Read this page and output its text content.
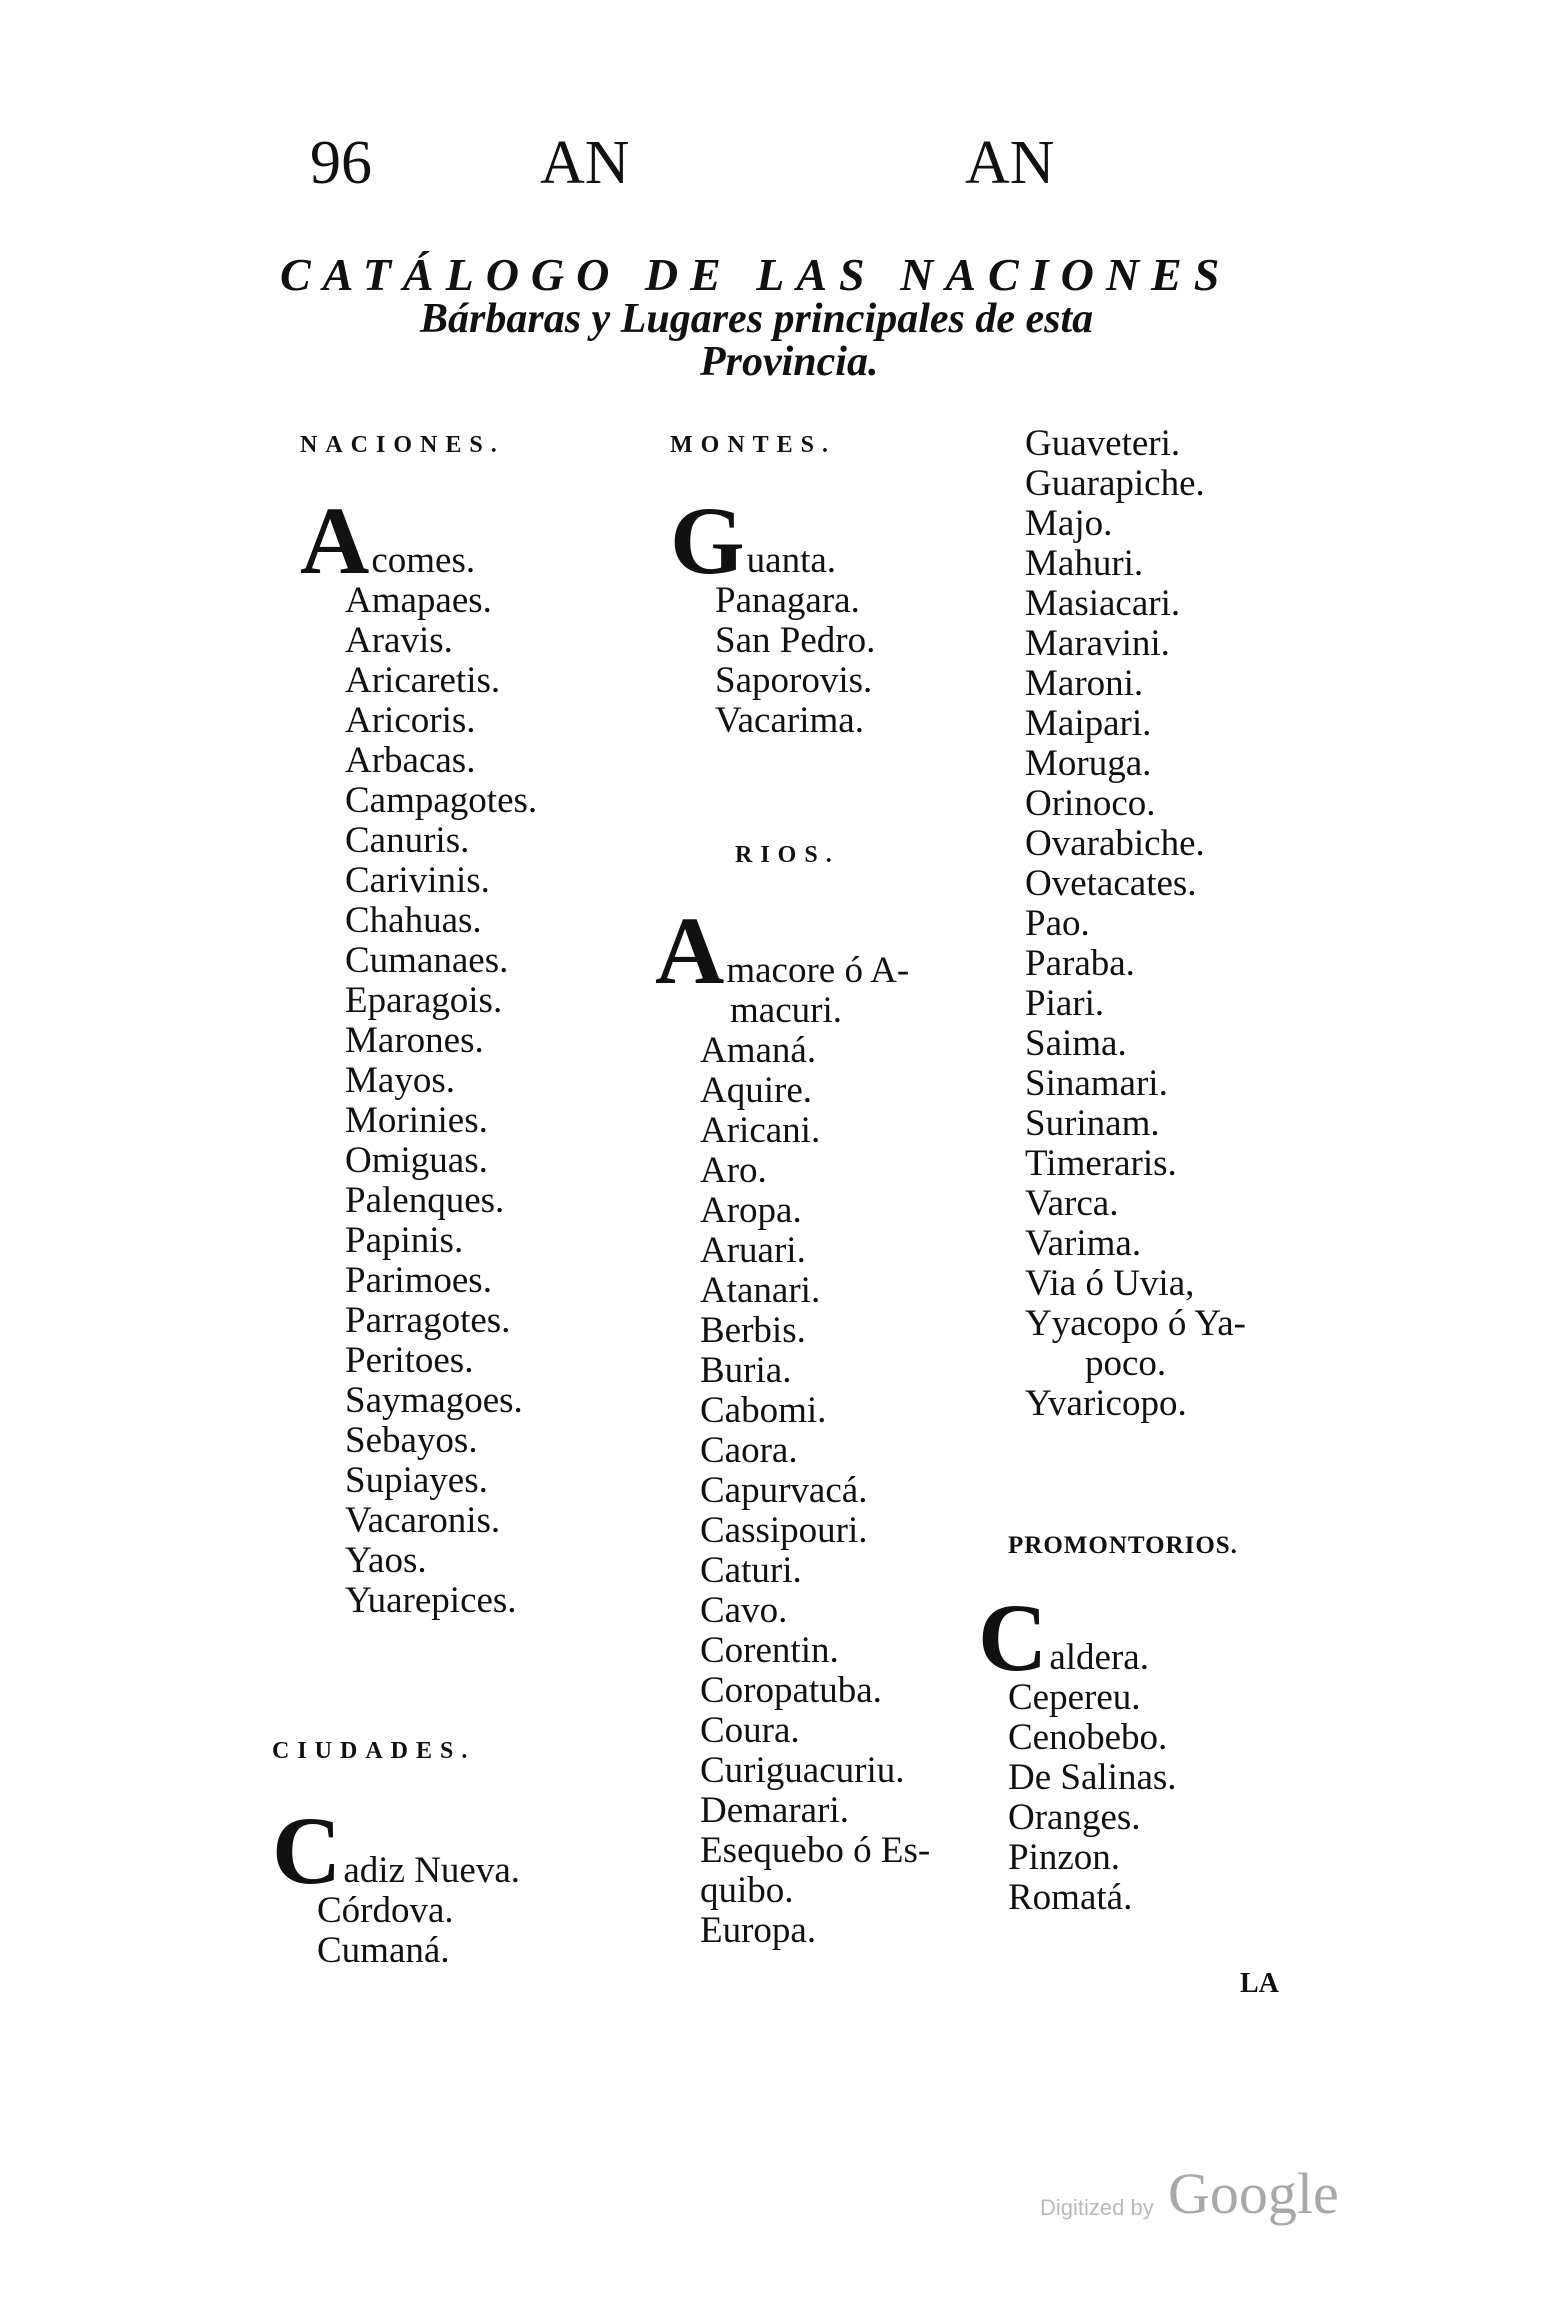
96	AN	AN
CATÁLOGO DE LAS NACIONES
Bárbaras y Lugares principales de esta
Provincia.
NACIONES.
A comes.
Amapaes.
Aravis.
Aricaretis.
Aricoris.
Arbacas.
Campagotes.
Canuris.
Carivinis.
Chahuas.
Cumanaes.
Eparagois.
Marones.
Mayos.
Morinies.
Omiguas.
Palenques.
Papinis.
Parimoes.
Parragotes.
Peritoes.
Saymagoes.
Sebayos.
Supiayes.
Vacaronis.
Yaos.
Yuarepices.
CIUDADES.
C adiz Nueva.
Córdova.
Cumaná.
MONTES.
G uanta.
Panagara.
San Pedro.
Saporovis.
Vacarima.
RIOS.
A macore ó A-
macuri.
Amaná.
Aquire.
Aricani.
Aro.
Aropa.
Aruari.
Atanari.
Berbis.
Buria.
Cabomi.
Caora.
Capurvacá.
Cassipouri.
Caturi.
Cavo.
Corentin.
Coropatuba.
Coura.
Curiguacuriu.
Demarari.
Esequebo ó Es-
quibo.
Europa.
Guaveteri.
Guarapiche.
Majo.
Mahuri.
Masiacari.
Maravini.
Maroni.
Maipari.
Moruga.
Orinoco.
Ovarabiche.
Ovetacates.
Pao.
Paraba.
Piari.
Saima.
Sinamari.
Surinam.
Timeraris.
Varca.
Varima.
Via ó Uvia,
Yyacopo ó Ya-
poco.
Yvaricopo.
PROMONTORIOS.
C aldera.
Cepereu.
Cenobebo.
De Salinas.
Oranges.
Pinzon.
Romatá.
LA
Digitized by Google
